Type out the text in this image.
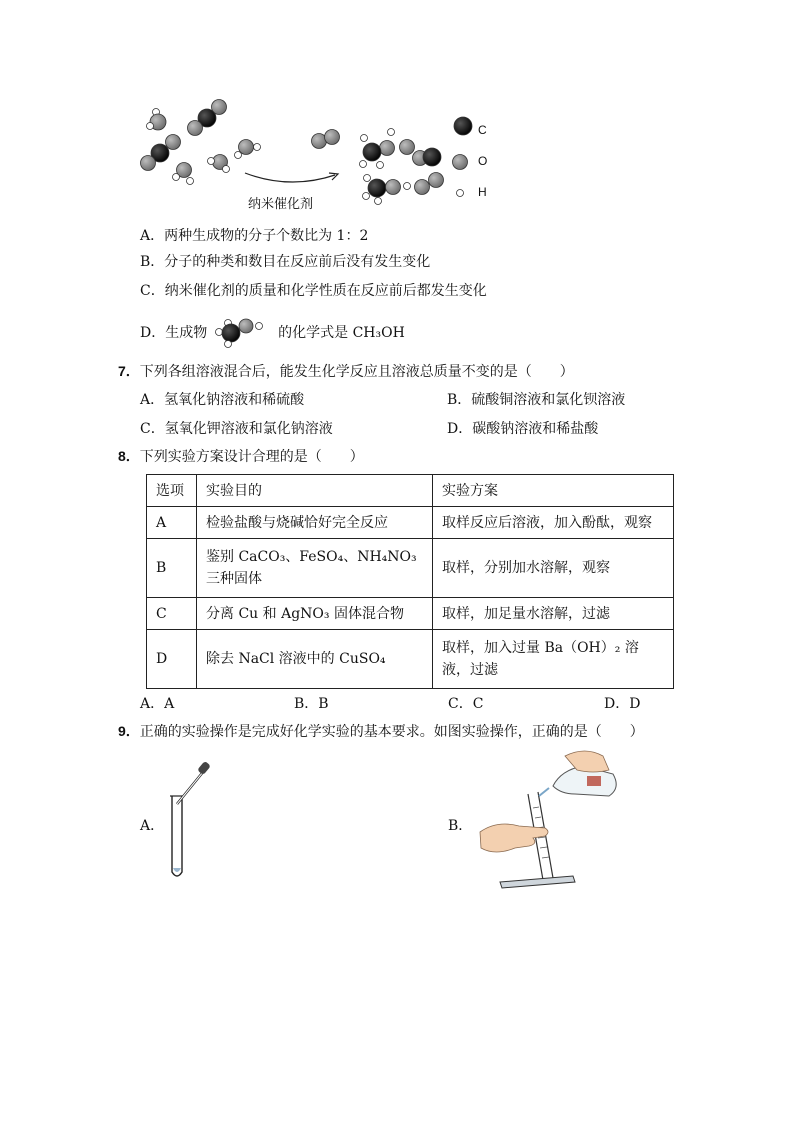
C
O
H
纳米催化剂
A．两种生成物的分子个数比为 1：2
B．分子的种类和数目在反应前后没有发生变化
C．纳米催化剂的质量和化学性质在反应前后都发生变化
D．生成物	的化学式是 CH₃OH
7．下列各组溶液混合后，能发生化学反应且溶液总质量不变的是（　　）
A．氢氧化钠溶液和稀硫酸	B．硫酸铜溶液和氯化钡溶液
C．氢氧化钾溶液和氯化钠溶液	D．碳酸钠溶液和稀盐酸
8．下列实验方案设计合理的是（　　）
选项	实验目的	实验方案
A	检验盐酸与烧碱恰好完全反应	取样反应后溶液，加入酚酞，观察
B	鉴别 CaCO₃、FeSO₄、NH₄NO₃ 三种固体	取样，分别加水溶解，观察
C	分离 Cu 和 AgNO₃ 固体混合物	取样，加足量水溶解，过滤
D	除去 NaCl 溶液中的 CuSO₄	取样，加入过量 Ba（OH）₂ 溶液，过滤
A．A	B．B	C．C	D．D
9．正确的实验操作是完成好化学实验的基本要求。如图实验操作，正确的是（　　）
A．	B．
